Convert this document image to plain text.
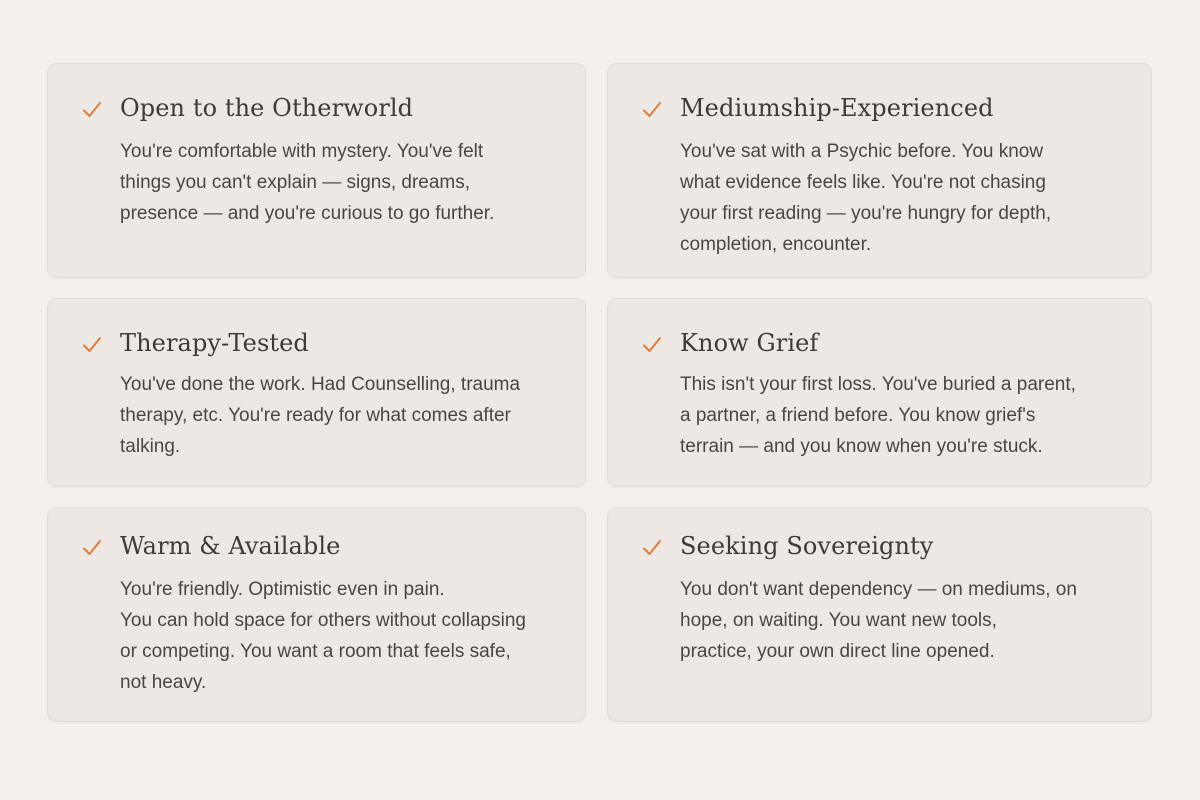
Open to the Otherworld
You're comfortable with mystery. You've felt
things you can't explain — signs, dreams,
presence — and you're curious to go further.
Mediumship-Experienced
You've sat with a Psychic before. You know
what evidence feels like. You're not chasing
your first reading — you're hungry for depth,
completion, encounter.
Therapy-Tested
You've done the work. Had Counselling, trauma
therapy, etc. You're ready for what comes after
talking.
Know Grief
This isn't your first loss. You've buried a parent,
a partner, a friend before. You know grief's
terrain — and you know when you're stuck.
Warm & Available
You're friendly. Optimistic even in pain.
You can hold space for others without collapsing
or competing. You want a room that feels safe,
not heavy.
Seeking Sovereignty
You don't want dependency — on mediums, on
hope, on waiting. You want new tools,
practice, your own direct line opened.
